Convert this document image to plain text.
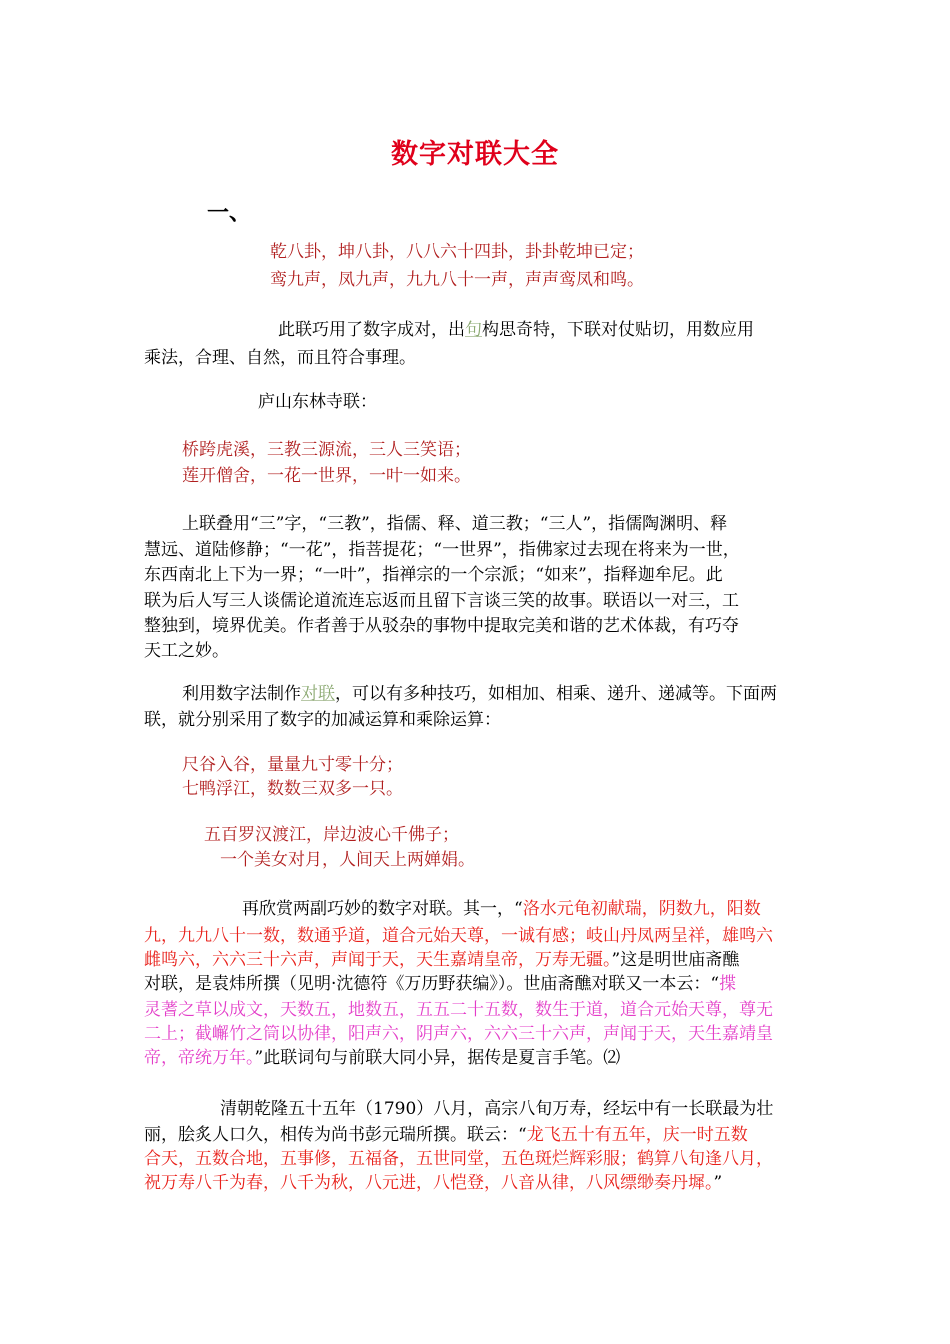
数字对联大全
一、
乾八卦，坤八卦，八八六十四卦，卦卦乾坤已定；
鸾九声，凤九声，九九八十一声，声声鸾凤和鸣。
此联巧用了数字成对，出句构思奇特，下联对仗贴切，用数应用
乘法，合理、自然，而且符合事理。
庐山东林寺联：
桥跨虎溪，三教三源流，三人三笑语；
莲开僧舍，一花一世界，一叶一如来。
上联叠用“三”字，“三教”，指儒、释、道三教；“三人”，指儒陶渊明、释
慧远、道陆修静；“一花”，指菩提花；“一世界”，指佛家过去现在将来为一世，
东西南北上下为一界；“一叶”，指禅宗的一个宗派；“如来”，指释迦牟尼。此
联为后人写三人谈儒论道流连忘返而且留下言谈三笑的故事。联语以一对三，工
整独到，境界优美。作者善于从驳杂的事物中提取完美和谐的艺术体裁，有巧夺
天工之妙。
利用数字法制作对联，可以有多种技巧，如相加、相乘、递升、递减等。下面两
联，就分别采用了数字的加减运算和乘除运算：
尺谷入谷，量量九寸零十分；
七鸭浮江，数数三双多一只。
五百罗汉渡江，岸边波心千佛子；
一个美女对月，人间天上两婵娟。
再欣赏两副巧妙的数字对联。其一，“洛水元龟初献瑞，阴数九，阳数
九，九九八十一数，数通乎道，道合元始天尊，一诚有感；岐山丹凤两呈祥，雄鸣六
雌鸣六，六六三十六声，声闻于天，天生嘉靖皇帝，万寿无疆。”这是明世庙斋醮
对联，是袁炜所撰（见明·沈德符《万历野获编》）。世庙斋醮对联又一本云：“揲
灵蓍之草以成文，天数五，地数五，五五二十五数，数生于道，道合元始天尊，尊无
二上；截嶰竹之筒以协律，阳声六，阴声六，六六三十六声，声闻于天，天生嘉靖皇
帝，帝统万年。”此联词句与前联大同小异，据传是夏言手笔。⑵
清朝乾隆五十五年（1790）八月，高宗八旬万寿，经坛中有一长联最为壮
丽，脍炙人口久，相传为尚书彭元瑞所撰。联云：“龙飞五十有五年，庆一时五数
合天，五数合地，五事修，五福备，五世同堂，五色斑烂辉彩服；鹤算八旬逢八月，
祝万寿八千为春，八千为秋，八元进，八恺登，八音从律，八风缥缈奏丹墀。”
